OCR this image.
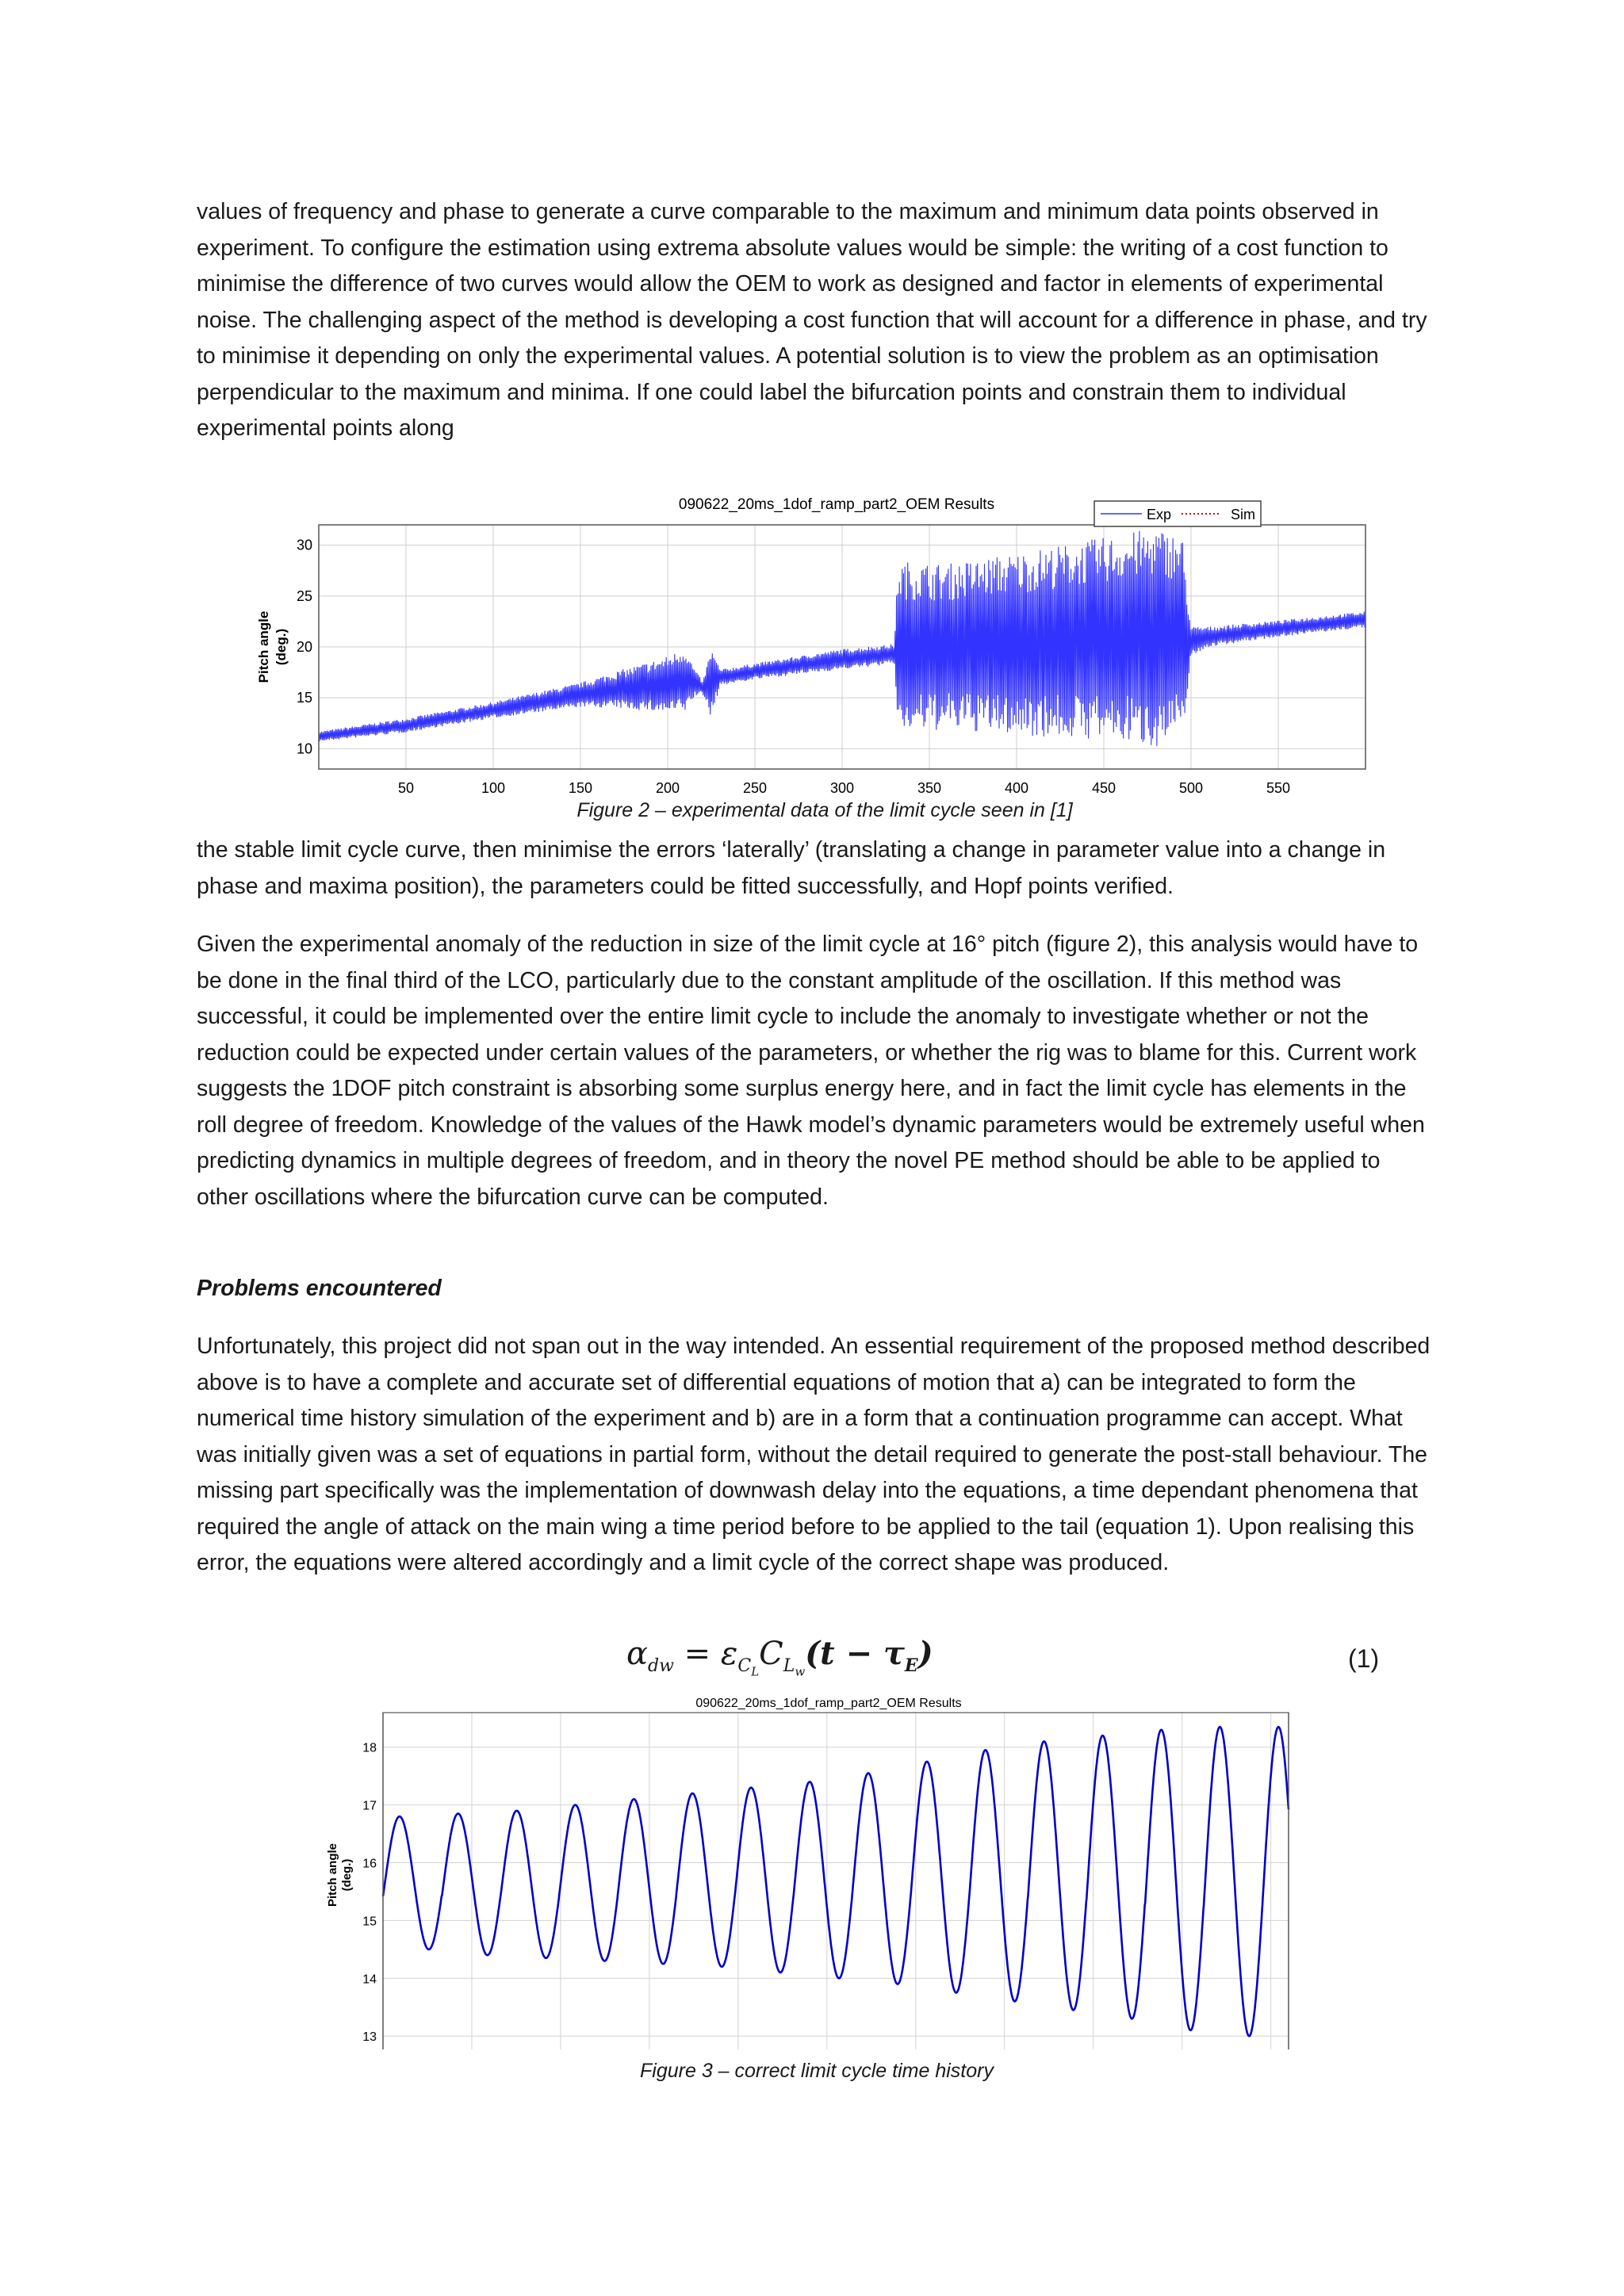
values of frequency and phase to generate a curve comparable to the maximum and minimum data points observed in experiment. To configure the estimation using extrema absolute values would be simple: the writing of a cost function to minimise the difference of two curves would allow the OEM to work as designed and factor in elements of experimental noise. The challenging aspect of the method is developing a cost function that will account for a difference in phase, and try to minimise it depending on only the experimental values. A potential solution is to view the problem as an optimisation perpendicular to the maximum and minima. If one could label the bifurcation points and constrain them to individual experimental points along

090622_20ms_1dof_ramp_part2_OEM Results
50	100	150	200	250	300	350	400	450	500	550
10
15
20
25
30
Exp	Sim
Pitch angle (deg.)
Figure 2 – experimental data of the limit cycle seen in [1]

the stable limit cycle curve, then minimise the errors ‘laterally’ (translating a change in parameter value into a change in phase and maxima position), the parameters could be fitted successfully, and Hopf points verified.

Given the experimental anomaly of the reduction in size of the limit cycle at 16° pitch (figure 2), this analysis would have to be done in the final third of the LCO, particularly due to the constant amplitude of the oscillation. If this method was successful, it could be implemented over the entire limit cycle to include the anomaly to investigate whether or not the reduction could be expected under certain values of the parameters, or whether the rig was to blame for this. Current work suggests the 1DOF pitch constraint is absorbing some surplus energy here, and in fact the limit cycle has elements in the roll degree of freedom. Knowledge of the values of the Hawk model’s dynamic parameters would be extremely useful when predicting dynamics in multiple degrees of freedom, and in theory the novel PE method should be able to be applied to other oscillations where the bifurcation curve can be computed.

Problems encountered

Unfortunately, this project did not span out in the way intended. An essential requirement of the proposed method described above is to have a complete and accurate set of differential equations of motion that a) can be integrated to form the numerical time history simulation of the experiment and b) are in a form that a continuation programme can accept. What was initially given was a set of equations in partial form, without the detail required to generate the post-stall behaviour. The missing part specifically was the implementation of downwash delay into the equations, a time dependant phenomena that required the angle of attack on the main wing a time period before to be applied to the tail (equation 1). Upon realising this error, the equations were altered accordingly and a limit cycle of the correct shape was produced.

$\alpha_{dw} = \varepsilon_{C_L}C_{L_w}(t - \tau_E)$	(1)
090622_20ms_1dof_ramp_part2_OEM Results
13
14
15
16
17
18
Pitch angle (deg.)
Figure 3 – correct limit cycle time history
